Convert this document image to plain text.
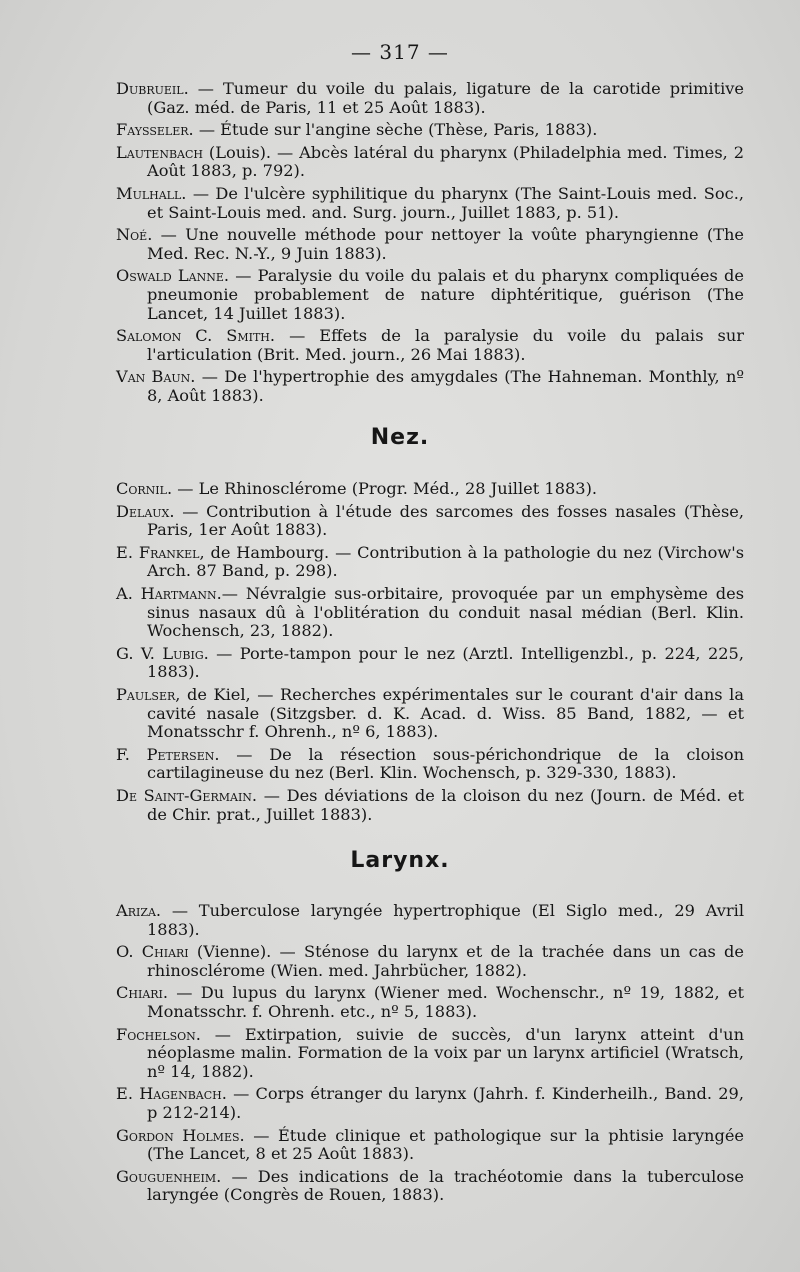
— 317 —

Dubrueil. — Tumeur du voile du palais, ligature de la carotide primitive (Gaz. méd. de Paris, 11 et 25 Août 1883).

Faysseler. — Étude sur l'angine sèche (Thèse, Paris, 1883).

Lautenbach (Louis). — Abcès latéral du pharynx (Philadelphia med. Times, 2 Août 1883, p. 792).

Mulhall. — De l'ulcère syphilitique du pharynx (The Saint-Louis med. Soc., et Saint-Louis med. and. Surg. journ., Juillet 1883, p. 51).

Noé. — Une nouvelle méthode pour nettoyer la voûte pharyngienne (The Med. Rec. N.-Y., 9 Juin 1883).

Oswald Lanne. — Paralysie du voile du palais et du pharynx compliquées de pneumonie probablement de nature diphtéritique, guérison (The Lancet, 14 Juillet 1883).

Salomon C. Smith. — Effets de la paralysie du voile du palais sur l'articulation (Brit. Med. journ., 26 Mai 1883).

Van Baun. — De l'hypertrophie des amygdales (The Hahneman. Monthly, nº 8, Août 1883).

Nez.

Cornil. — Le Rhinosclérome (Progr. Méd., 28 Juillet 1883).

Delaux. — Contribution à l'étude des sarcomes des fosses nasales (Thèse, Paris, 1er Août 1883).

E. Frankel, de Hambourg. — Contribution à la pathologie du nez (Virchow's Arch. 87 Band, p. 298).

A. Hartmann.— Névralgie sus-orbitaire, provoquée par un emphysème des sinus nasaux dû à l'oblitération du conduit nasal médian (Berl. Klin. Wochensch, 23, 1882).

G. V. Lubig. — Porte-tampon pour le nez (Arztl. Intelligenzbl., p. 224, 225, 1883).

Paulser, de Kiel, — Recherches expérimentales sur le courant d'air dans la cavité nasale (Sitzgsber. d. K. Acad. d. Wiss. 85 Band, 1882, — et Monatsschr f. Ohrenh., nº 6, 1883).

F. Petersen. — De la résection sous-périchondrique de la cloison cartilagineuse du nez (Berl. Klin. Wochensch, p. 329-330, 1883).

De Saint-Germain. — Des déviations de la cloison du nez (Journ. de Méd. et de Chir. prat., Juillet 1883).

Larynx.

Ariza. — Tuberculose laryngée hypertrophique (El Siglo med., 29 Avril 1883).

O. Chiari (Vienne). — Sténose du larynx et de la trachée dans un cas de rhinosclérome (Wien. med. Jahrbücher, 1882).

Chiari. — Du lupus du larynx (Wiener med. Wochenschr., nº 19, 1882, et Monatsschr. f. Ohrenh. etc., nº 5, 1883).

Fochelson. — Extirpation, suivie de succès, d'un larynx atteint d'un néoplasme malin. Formation de la voix par un larynx artificiel (Wratsch, nº 14, 1882).

E. Hagenbach. — Corps étranger du larynx (Jahrh. f. Kinderheilh., Band. 29, p 212-214).

Gordon Holmes. — Étude clinique et pathologique sur la phtisie laryngée (The Lancet, 8 et 25 Août 1883).

Gouguenheim. — Des indications de la trachéotomie dans la tuberculose laryngée (Congrès de Rouen, 1883).
